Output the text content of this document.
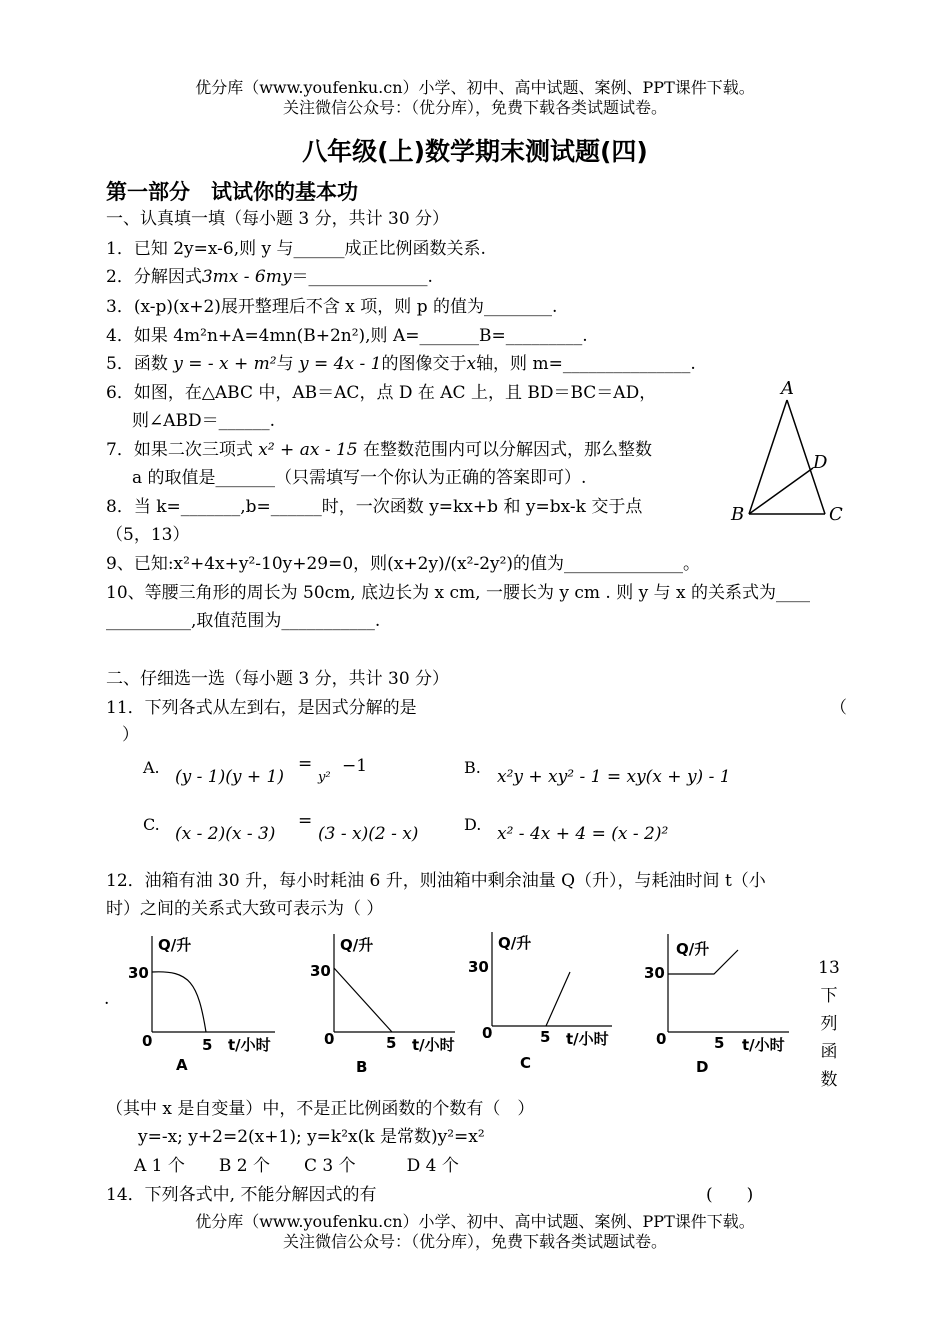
优分库（www.youfenku.cn）小学、初中、高中试题、案例、PPT课件下载。
关注微信公众号：（优分库），免费下载各类试题试卷。
八年级(上)数学期末测试题(四)
第一部分　试试你的基本功
一、认真填一填（每小题 3 分，共计 30 分）
1．已知 2y=x-6,则 y 与______成正比例函数关系.
2．分解因式3mx - 6my＝______________.
3．(x-p)(x+2)展开整理后不含 x 项，则 p 的值为________.
4．如果 4m²n+A=4mn(B+2n²),则 A=_______B=_________.
5．函数 y = - x + m²与 y = 4x - 1的图像交于x轴，则 m=_______________.
6．如图，在△ABC 中，AB＝AC，点 D 在 AC 上，且 BD＝BC＝AD，
则∠ABD＝______.
7．如果二次三项式 x² + ax - 15 在整数范围内可以分解因式，那么整数
a 的取值是_______（只需填写一个你认为正确的答案即可）.
8．当 k=_______,b=______时，一次函数 y=kx+b 和 y=bx-k 交于点
（5，13）
9、已知:x²+4x+y²-10y+29=0，则(x+2y)/(x²-2y²)的值为______________。
10、等腰三角形的周长为 50cm, 底边长为 x cm, 一腰长为 y cm . 则 y 与 x 的关系式为____
__________,取值范围为___________.
A
B	C
D
二、仔细选一选（每小题 3 分，共计 30 分）
11．下列各式从左到右，是因式分解的是	（
）
A. (y - 1)(y + 1)
=
y²
−1	B. x²y + xy² - 1 = xy(x + y) - 1
C. (x - 2)(x - 3)
=
(3 - x)(2 - x)	D. x² - 4x + 4 = (x - 2)²
12．油箱有油 30 升，每小时耗油 6 升，则油箱中剩余油量 Q（升），与耗油时间 t（小
时）之间的关系式大致可表示为（ ）
Q/升
30
0	5 t/小时
A
Q/升
30
0	5 t/小时
B
Q/升
30
0	5 t/小时
C
Q/升
30
0	5 t/小时
D
.
13下列函数
（其中 x 是自变量）中，不是正比例函数的个数有（　）
y=-x; y+2=2(x+1); y=k²x(k 是常数)y²=x²
A 1 个　　B 2 个　　C 3 个　　　D 4 个
14．下列各式中, 不能分解因式的有	(　　)
优分库（www.youfenku.cn）小学、初中、高中试题、案例、PPT课件下载。
关注微信公众号：（优分库），免费下载各类试题试卷。
